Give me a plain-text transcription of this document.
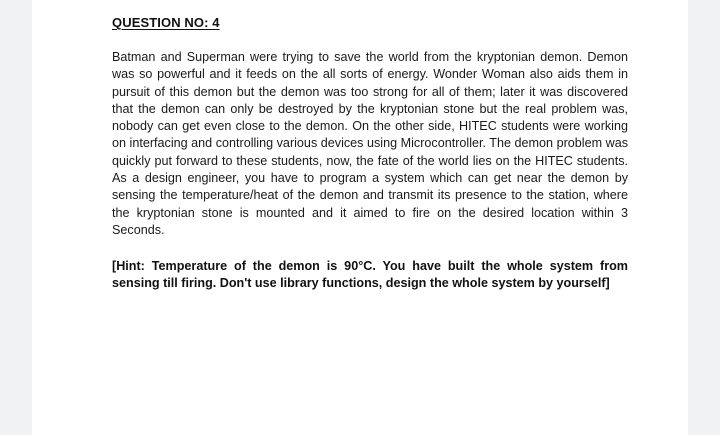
QUESTION NO: 4

Batman and Superman were trying to save the world from the kryptonian demon. Demon was so powerful and it feeds on the all sorts of energy. Wonder Woman also aids them in pursuit of this demon but the demon was too strong for all of them; later it was discovered that the demon can only be destroyed by the kryptonian stone but the real problem was, nobody can get even close to the demon. On the other side, HITEC students were working on interfacing and controlling various devices using Microcontroller. The demon problem was quickly put forward to these students, now, the fate of the world lies on the HITEC students. As a design engineer, you have to program a system which can get near the demon by sensing the temperature/heat of the demon and transmit its presence to the station, where the kryptonian stone is mounted and it aimed to fire on the desired location within 3 Seconds.

[Hint: Temperature of the demon is 90°C. You have built the whole system from sensing till firing. Don't use library functions, design the whole system by yourself]
